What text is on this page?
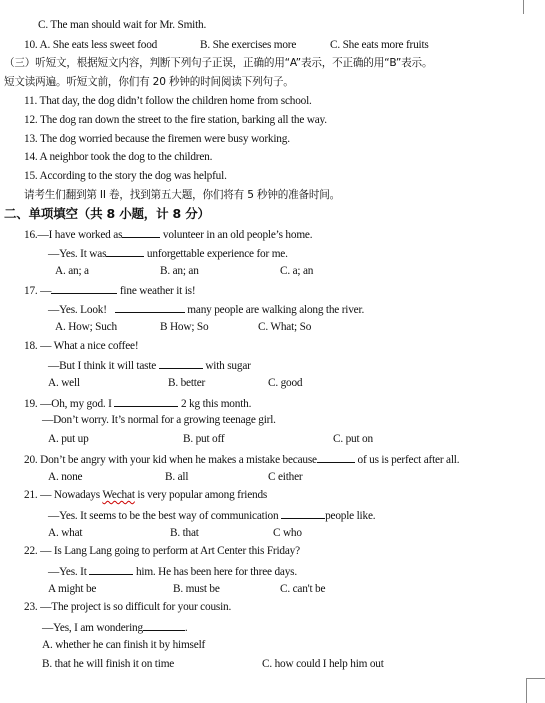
C. The man should wait for Mr. Smith.
10. A. She eats less sweet food	B. She exercises more	C. She eats more fruits
（三）听短文，根据短文内容，判断下列句子正误，正确的用“A”表示，不正确的用“B”表示。
短文读两遍。听短文前，你们有 20 秒钟的时间阅读下列句子。
11. That day, the dog didn’t follow the children home from school.
12. The dog ran down the street to the fire station, barking all the way.
13. The dog worried because the firemen were busy working.
14. A neighbor took the dog to the children.
15. According to the story the dog was helpful.
请考生们翻到第 II 卷，找到第五大题，你们将有 5 秒钟的准备时间。
二、单项填空（共 8 小题，计 8 分）
16.—I have worked as	volunteer in an old people’s home.
—Yes. It was	unforgettable experience for me.
A. an; a	B. an; an	C. a; an
17. —	fine weather it is!
—Yes. Look!	many people are walking along the river.
A. How; Such	B How; So	C. What; So
18. — What a nice coffee!
—But I think it will taste	with sugar
A. well	B. better	C. good
19. —Oh, my god. I	2 kg this month.
—Don’t worry. It’s normal for a growing teenage girl.
A. put up	B. put off	C. put on
20. Don’t be angry with your kid when he makes a mistake because	of us is perfect after all.
A. none	B. all	C either
21. — Nowadays Wechat is very popular among friends
—Yes. It seems to be the best way of communication	people like.
A. what	B. that	C who
22. — Is Lang Lang going to perform at Art Center this Friday?
—Yes. It	him. He has been here for three days.
A might be	B. must be	C. can't be
23. —The project is so difficult for your cousin.
—Yes, I am wondering	.
A. whether he can finish it by himself
B. that he will finish it on time	C. how could I help him out
